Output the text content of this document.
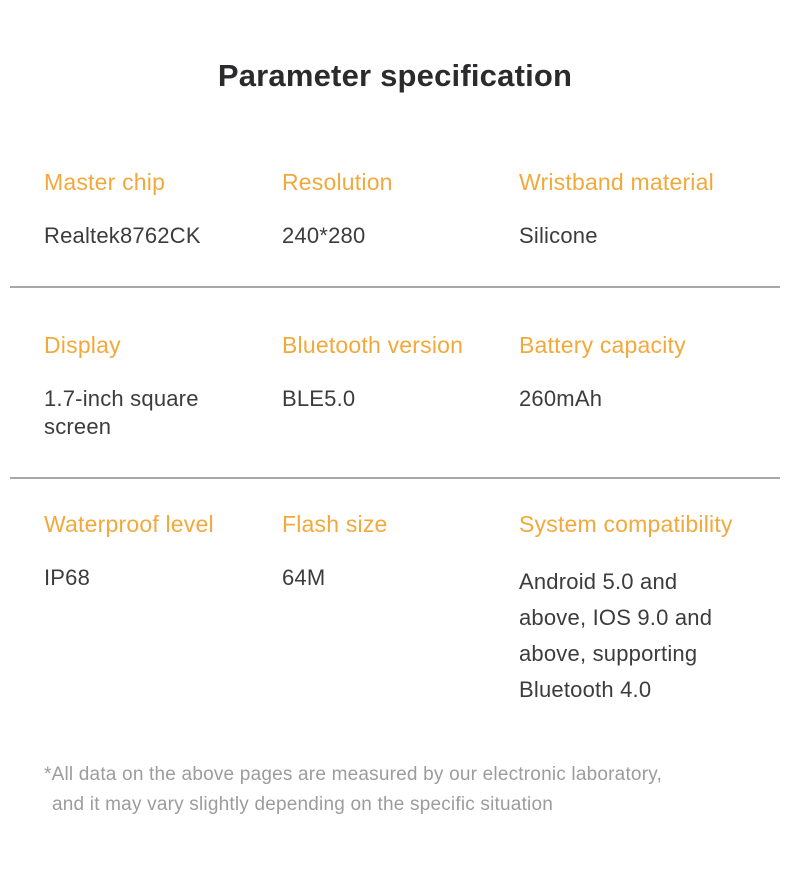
Parameter specification
Master chip
Realtek8762CK
Resolution
240*280
Wristband material
Silicone
Display
1.7-inch square screen
Bluetooth version
BLE5.0
Battery capacity
260mAh
Waterproof level
IP68
Flash size
64M
System compatibility
Android 5.0 and above, IOS 9.0 and above, supporting Bluetooth 4.0

*All data on the above pages are measured by our electronic laboratory,
and it may vary slightly depending on the specific situation
